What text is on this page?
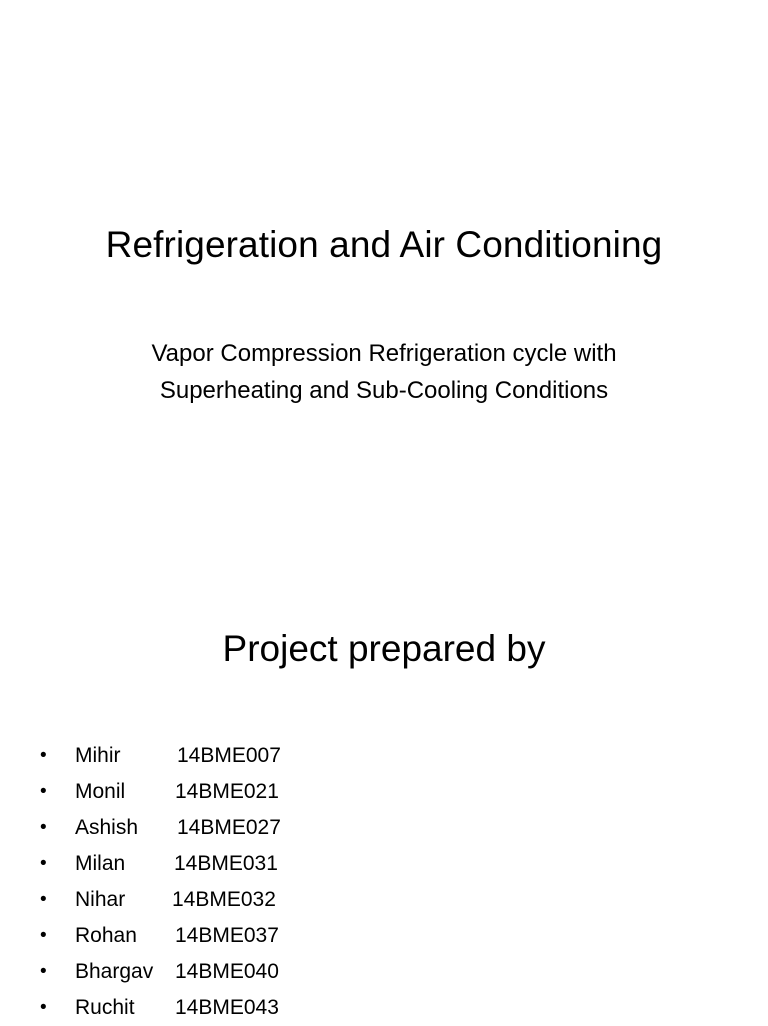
Refrigeration and Air Conditioning
Vapor Compression Refrigeration cycle with
Superheating and Sub-Cooling Conditions
Project prepared by
•	Mihir	14BME007
•	Monil 14BME021
•	Ashish 14BME027
•	Milan 14BME031
•	Nihar 14BME032
•	Rohan 14BME037
•	Bhargav 14BME040
•	Ruchit 14BME043
